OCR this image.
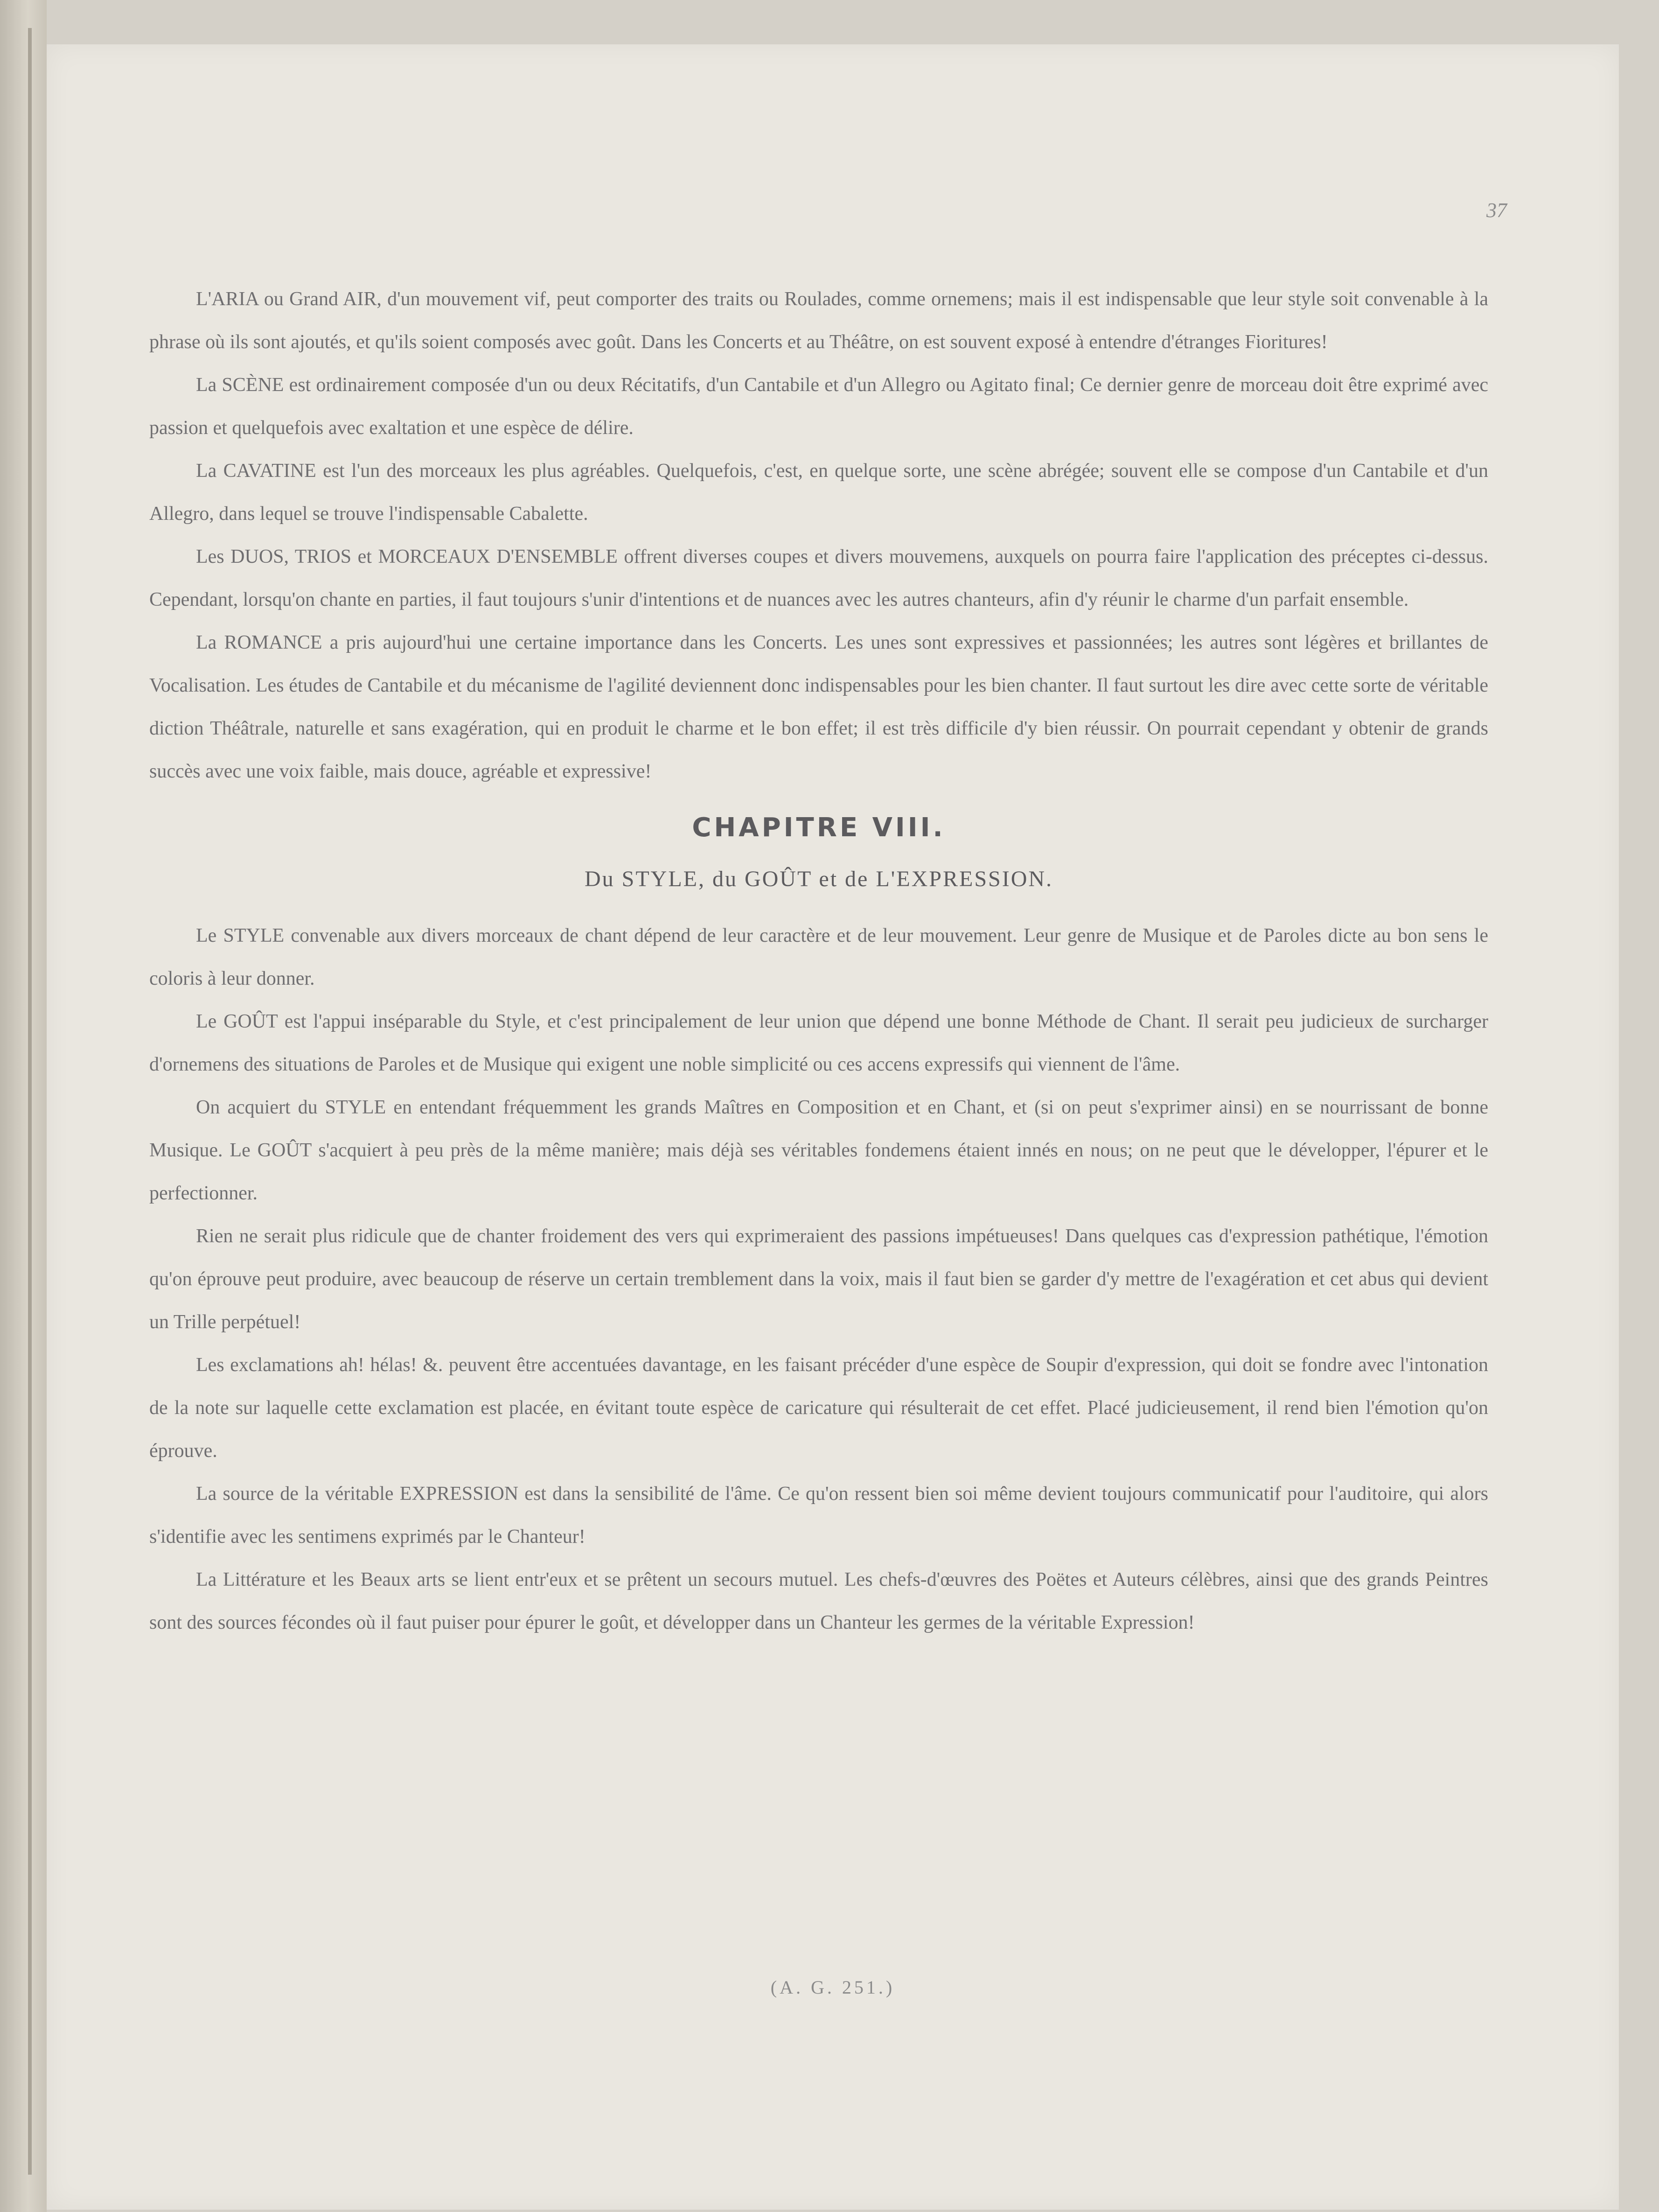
37

L'ARIA ou Grand AIR, d'un mouvement vif, peut comporter des traits ou Roulades, comme ornemens; mais il est indispensable que leur style soit convenable à la phrase où ils sont ajoutés, et qu'ils soient composés avec goût. Dans les Concerts et au Théâtre, on est souvent exposé à entendre d'étranges Fioritures!

La SCÈNE est ordinairement composée d'un ou deux Récitatifs, d'un Cantabile et d'un Allegro ou Agitato final; Ce dernier genre de morceau doit être exprimé avec passion et quelquefois avec exaltation et une espèce de délire.

La CAVATINE est l'un des morceaux les plus agréables. Quelquefois, c'est, en quelque sorte, une scène abrégée; souvent elle se compose d'un Cantabile et d'un Allegro, dans lequel se trouve l'indispensable Cabalette.

Les DUOS, TRIOS et MORCEAUX D'ENSEMBLE offrent diverses coupes et divers mouvemens, auxquels on pourra faire l'application des préceptes ci-dessus. Cependant, lorsqu'on chante en parties, il faut toujours s'unir d'intentions et de nuances avec les autres chanteurs, afin d'y réunir le charme d'un parfait ensemble.

La ROMANCE a pris aujourd'hui une certaine importance dans les Concerts. Les unes sont expressives et passionnées; les autres sont légères et brillantes de Vocalisation. Les études de Cantabile et du mécanisme de l'agilité deviennent donc indispensables pour les bien chanter. Il faut surtout les dire avec cette sorte de véritable diction Théâtrale, naturelle et sans exagération, qui en produit le charme et le bon effet; il est très difficile d'y bien réussir. On pourrait cependant y obtenir de grands succès avec une voix faible, mais douce, agréable et expressive!

CHAPITRE VIII.
Du STYLE, du GOÛT et de L'EXPRESSION.

Le STYLE convenable aux divers morceaux de chant dépend de leur caractère et de leur mouvement. Leur genre de Musique et de Paroles dicte au bon sens le coloris à leur donner.

Le GOÛT est l'appui inséparable du Style, et c'est principalement de leur union que dépend une bonne Méthode de Chant. Il serait peu judicieux de surcharger d'ornemens des situations de Paroles et de Musique qui exigent une noble simplicité ou ces accens expressifs qui viennent de l'âme.

On acquiert du STYLE en entendant fréquemment les grands Maîtres en Composition et en Chant, et (si on peut s'exprimer ainsi) en se nourrissant de bonne Musique. Le GOÛT s'acquiert à peu près de la même manière; mais déjà ses véritables fondemens étaient innés en nous; on ne peut que le développer, l'épurer et le perfectionner.

Rien ne serait plus ridicule que de chanter froidement des vers qui exprimeraient des passions impétueuses! Dans quelques cas d'expression pathétique, l'émotion qu'on éprouve peut produire, avec beaucoup de réserve un certain tremblement dans la voix, mais il faut bien se garder d'y mettre de l'exagération et cet abus qui devient un Trille perpétuel!

Les exclamations ah! hélas! &. peuvent être accentuées davantage, en les faisant précéder d'une espèce de Soupir d'expression, qui doit se fondre avec l'intonation de la note sur laquelle cette exclamation est placée, en évitant toute espèce de caricature qui résulterait de cet effet. Placé judicieusement, il rend bien l'émotion qu'on éprouve.

La source de la véritable EXPRESSION est dans la sensibilité de l'âme. Ce qu'on ressent bien soi même devient toujours communicatif pour l'auditoire, qui alors s'identifie avec les sentimens exprimés par le Chanteur!

La Littérature et les Beaux arts se lient entr'eux et se prêtent un secours mutuel. Les chefs-d'œuvres des Poëtes et Auteurs célèbres, ainsi que des grands Peintres sont des sources fécondes où il faut puiser pour épurer le goût, et développer dans un Chanteur les germes de la véritable Expression!

(A. G. 251.)
